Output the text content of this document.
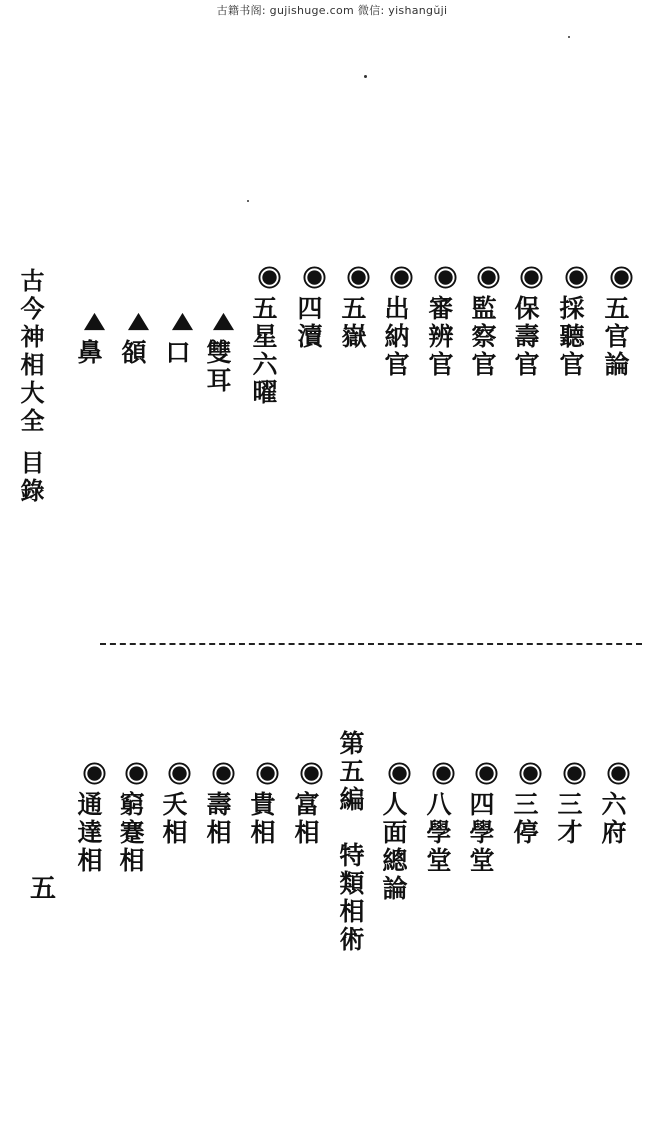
古籍书阁: gujishuge.com 微信: yishangŭji
古今神相大全目錄
五官論
採聽官
保壽官
監察官
審辨官
出納官
五嶽
四瀆
五星六曜
雙耳
口
頟
鼻
六府
三才
三停
四學堂
八學堂
人面總論
第五編　特類相術
富相
貴相
壽相
夭相
窮蹇相
通達相
五
